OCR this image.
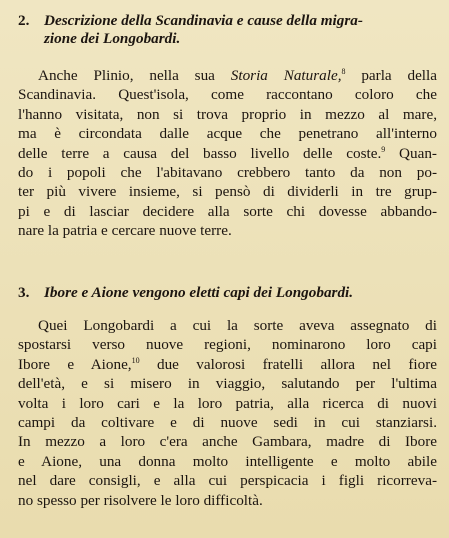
2. Descrizione della Scandinavia e cause della migra-
zione dei Longobardi.

Anche Plinio, nella sua Storia Naturale,$^8$ parla della
Scandinavia. Quest'isola, come raccontano coloro che
l'hanno visitata, non si trova proprio in mezzo al mare,
ma è circondata dalle acque che penetrano all'interno
delle terre a causa del basso livello delle coste.$^9$ Quan-
do i popoli che l'abitavano crebbero tanto da non po-
ter più vivere insieme, si pensò di dividerli in tre grup-
pi e di lasciar decidere alla sorte chi dovesse abbando-
nare la patria e cercare nuove terre.

3. Ibore e Aione vengono eletti capi dei Longobardi.

Quei Longobardi a cui la sorte aveva assegnato di
spostarsi verso nuove regioni, nominarono loro capi
Ibore e Aione,$^{10}$ due valorosi fratelli allora nel fiore
dell'età, e si misero in viaggio, salutando per l'ultima
volta i loro cari e la loro patria, alla ricerca di nuovi
campi da coltivare e di nuove sedi in cui stanziarsi.
In mezzo a loro c'era anche Gambara, madre di Ibore
e Aione, una donna molto intelligente e molto abile
nel dare consigli, e alla cui perspicacia i figli ricorreva-
no spesso per risolvere le loro difficoltà.
